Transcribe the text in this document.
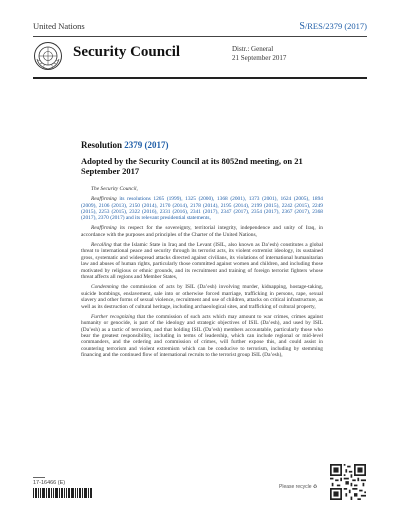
United Nations	S/RES/2379 (2017)
Security Council	Distr.: General
21 September 2017
Resolution 2379 (2017)
Adopted by the Security Council at its 8052nd meeting, on 21 September 2017

The Security Council,

Reaffirming its resolutions 1265 (1999), 1325 (2000), 1368 (2001), 1373 (2001), 1624 (2005), 1894 (2009), 2106 (2013), 2150 (2014), 2170 (2014), 2178 (2014), 2195 (2014), 2199 (2015), 2242 (2015), 2249 (2015), 2253 (2015), 2322 (2016), 2331 (2016), 2341 (2017), 2347 (2017), 2354 (2017), 2367 (2017), 2368 (2017), 2370 (2017) and its relevant presidential statements,

Reaffirming its respect for the sovereignty, territorial integrity, independence and unity of Iraq, in accordance with the purposes and principles of the Charter of the United Nations,

Recalling that the Islamic State in Iraq and the Levant (ISIL, also known as Da’esh) constitutes a global threat to international peace and security through its terrorist acts, its violent extremist ideology, its sustained gross, systematic and widespread attacks directed against civilians, its violations of international humanitarian law and abuses of human rights, particularly those committed against women and children, and including those motivated by religious or ethnic grounds, and its recruitment and training of foreign terrorist fighters whose threat affects all regions and Member States,

Condemning the commission of acts by ISIL (Da’esh) involving murder, kidnapping, hostage-taking, suicide bombings, enslavement, sale into or otherwise forced marriage, trafficking in persons, rape, sexual slavery and other forms of sexual violence, recruitment and use of children, attacks on critical infrastructure, as well as its destruction of cultural heritage, including archaeological sites, and trafficking of cultural property,

Further recognizing that the commission of such acts which may amount to war crimes, crimes against humanity or genocide, is part of the ideology and strategic objectives of ISIL (Da’esh), and used by ISIL (Da’esh) as a tactic of terrorism, and that holding ISIL (Da’esh) members accountable, particularly those who bear the greatest responsibility, including in terms of leadership, which can include regional or mid-level commanders, and the ordering and commission of crimes, will further expose this, and could assist in countering terrorism and violent extremism which can be conducive to terrorism, including by stemming financing and the continued flow of international recruits to the terrorist group ISIL (Da’esh),

17-16466 (E)
Please recycle ♻
